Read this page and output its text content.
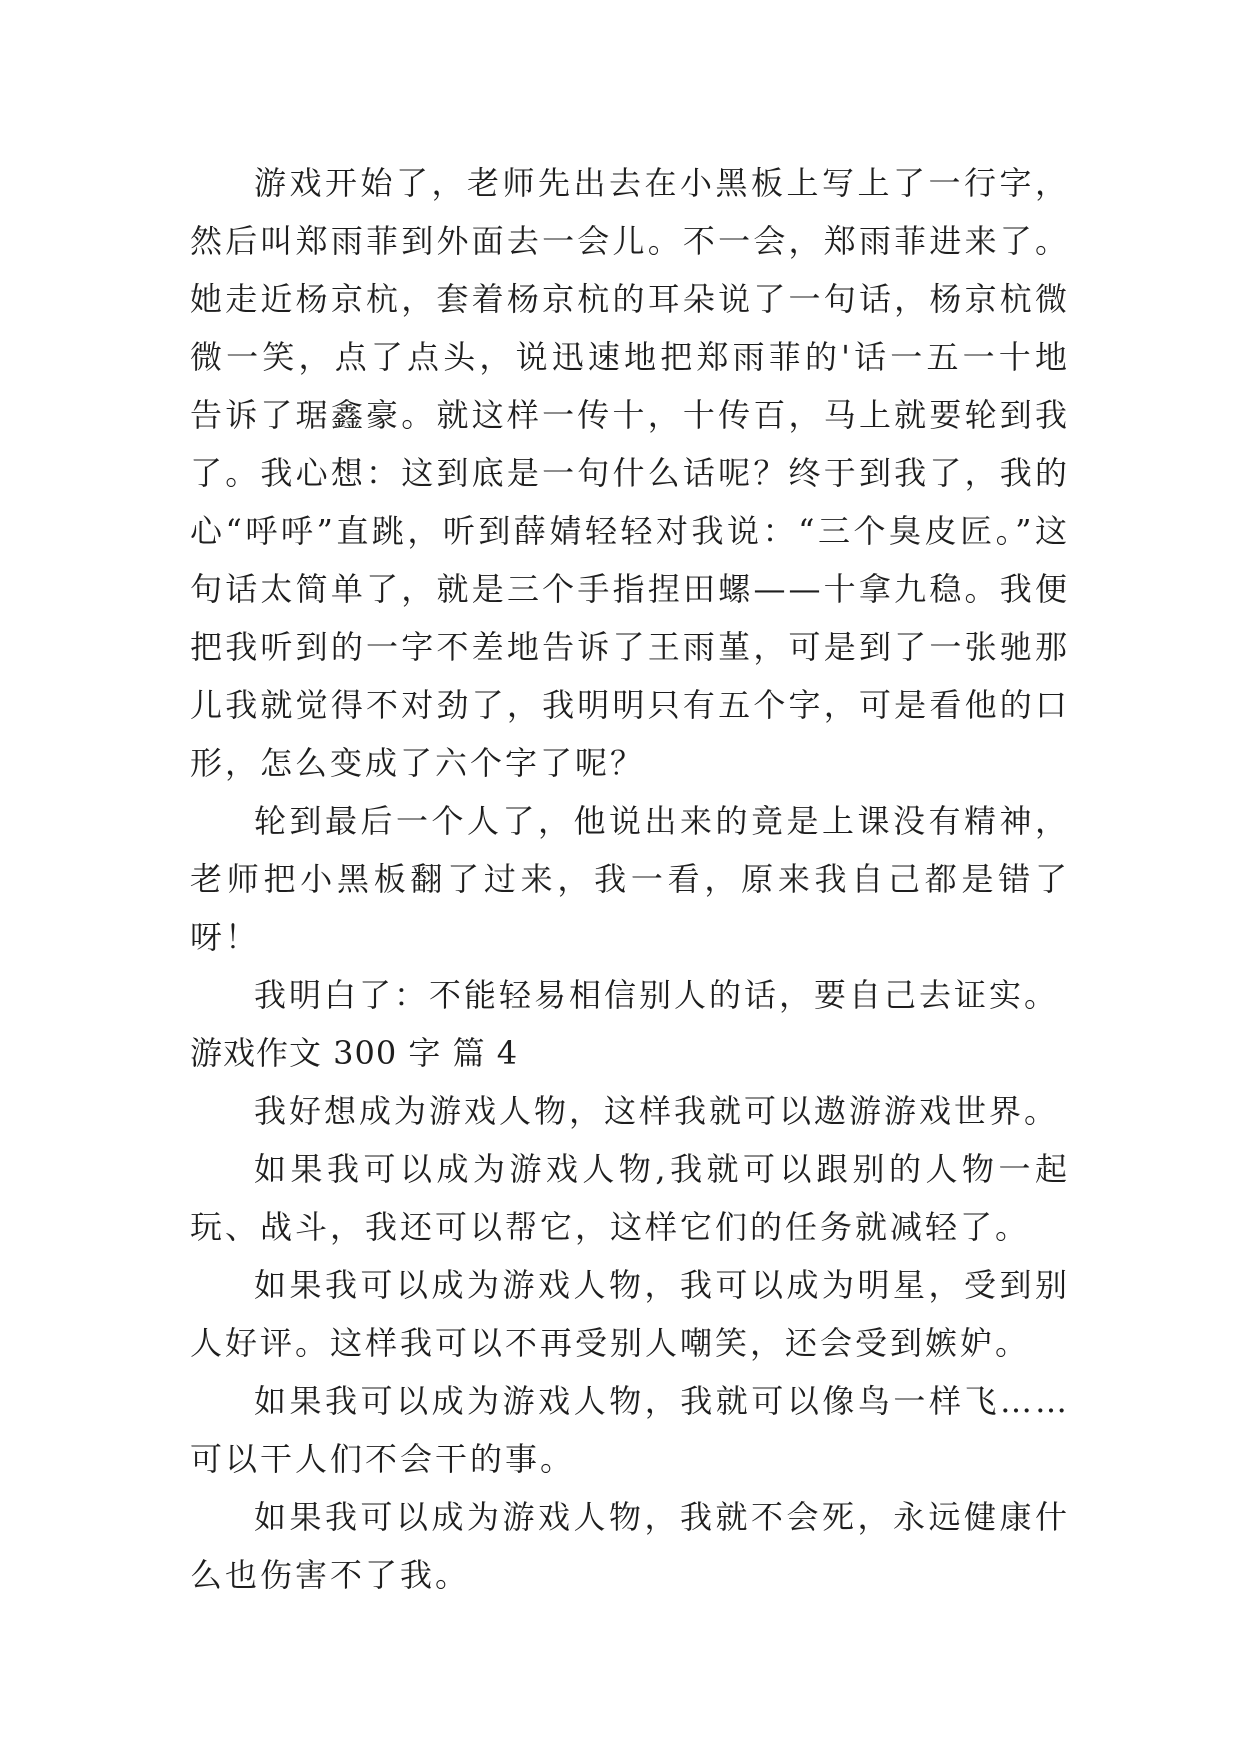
游戏开始了，老师先出去在小黑板上写上了一行字，然后叫郑雨菲到外面去一会儿。不一会，郑雨菲进来了。她走近杨京杭，套着杨京杭的耳朵说了一句话，杨京杭微微一笑，点了点头，说迅速地把郑雨菲的'话一五一十地告诉了琚鑫豪。就这样一传十，十传百，马上就要轮到我了。我心想：这到底是一句什么话呢？终于到我了，我的心“呼呼”直跳，听到薛婧轻轻对我说：“三个臭皮匠。”这句话太简单了，就是三个手指捏田螺——十拿九稳。我便把我听到的一字不差地告诉了王雨堇，可是到了一张驰那儿我就觉得不对劲了，我明明只有五个字，可是看他的口形，怎么变成了六个字了呢？

轮到最后一个人了，他说出来的竟是上课没有精神，老师把小黑板翻了过来，我一看，原来我自己都是错了呀！

我明白了：不能轻易相信别人的话，要自己去证实。

游戏作文 300 字 篇 4

我好想成为游戏人物，这样我就可以遨游游戏世界。

如果我可以成为游戏人物,我就可以跟别的人物一起玩、战斗，我还可以帮它，这样它们的任务就减轻了。

如果我可以成为游戏人物，我可以成为明星，受到别人好评。这样我可以不再受别人嘲笑，还会受到嫉妒。

如果我可以成为游戏人物，我就可以像鸟一样飞……可以干人们不会干的事。

如果我可以成为游戏人物，我就不会死，永远健康什么也伤害不了我。
